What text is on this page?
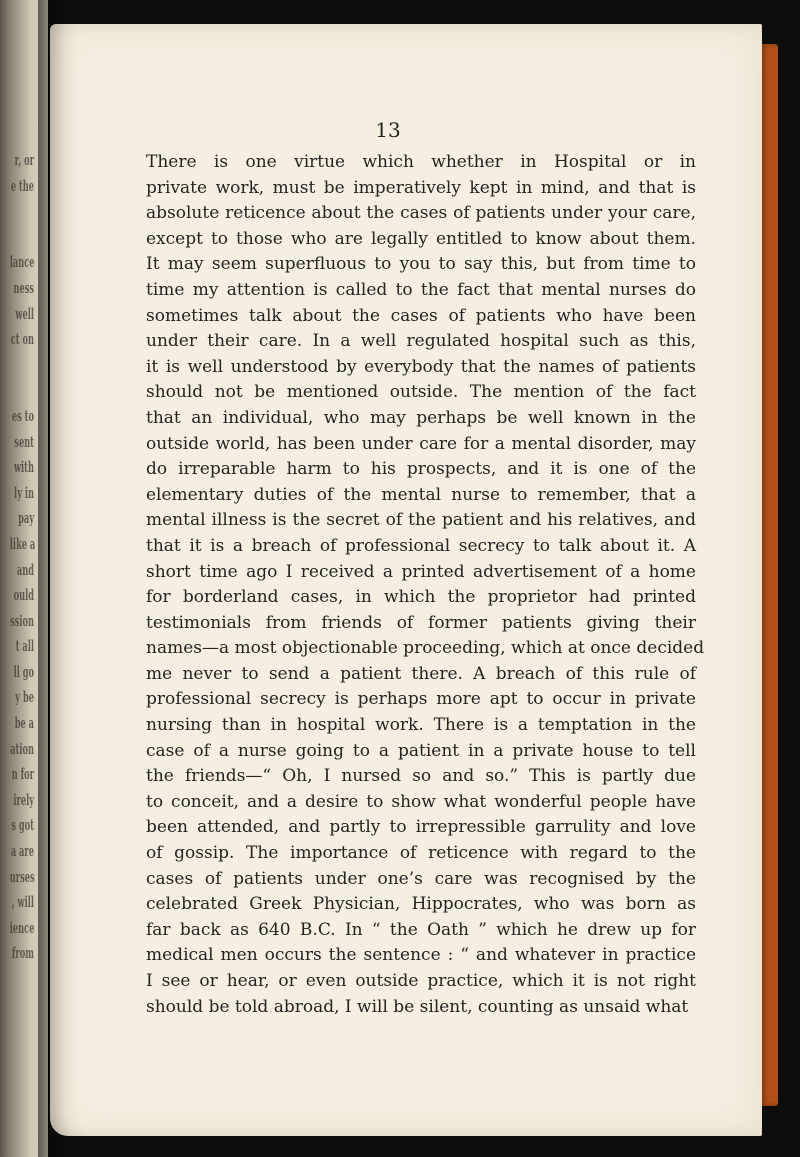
r, or
e the

lance
ness
well
ct on

es to
sent
with
ly in
pay
like a
and
ould
ssion
t all
ll go
y be
be a
ation
n for
irely
s got
a are
urses
, will
ience
from

13

There is one virtue which whether in Hospital or in
private work, must be imperatively kept in mind, and that is
absolute reticence about the cases of patients under your care,
except to those who are legally entitled to know about them.
It may seem superfluous to you to say this, but from time to
time my attention is called to the fact that mental nurses do
sometimes talk about the cases of patients who have been
under their care. In a well regulated hospital such as this,
it is well understood by everybody that the names of patients
should not be mentioned outside. The mention of the fact
that an individual, who may perhaps be well known in the
outside world, has been under care for a mental disorder, may
do irreparable harm to his prospects, and it is one of the
elementary duties of the mental nurse to remember, that a
mental illness is the secret of the patient and his relatives, and
that it is a breach of professional secrecy to talk about it. A
short time ago I received a printed advertisement of a home
for borderland cases, in which the proprietor had printed
testimonials from friends of former patients giving their
names—a most objectionable proceeding, which at once decided
me never to send a patient there. A breach of this rule of
professional secrecy is perhaps more apt to occur in private
nursing than in hospital work. There is a temptation in the
case of a nurse going to a patient in a private house to tell
the friends—“ Oh, I nursed so and so.” This is partly due
to conceit, and a desire to show what wonderful people have
been attended, and partly to irrepressible garrulity and love
of gossip. The importance of reticence with regard to the
cases of patients under one’s care was recognised by the
celebrated Greek Physician, Hippocrates, who was born as
far back as 640 B.C. In “ the Oath ” which he drew up for
medical men occurs the sentence : “ and whatever in practice
I see or hear, or even outside practice, which it is not right
should be told abroad, I will be silent, counting as unsaid what
